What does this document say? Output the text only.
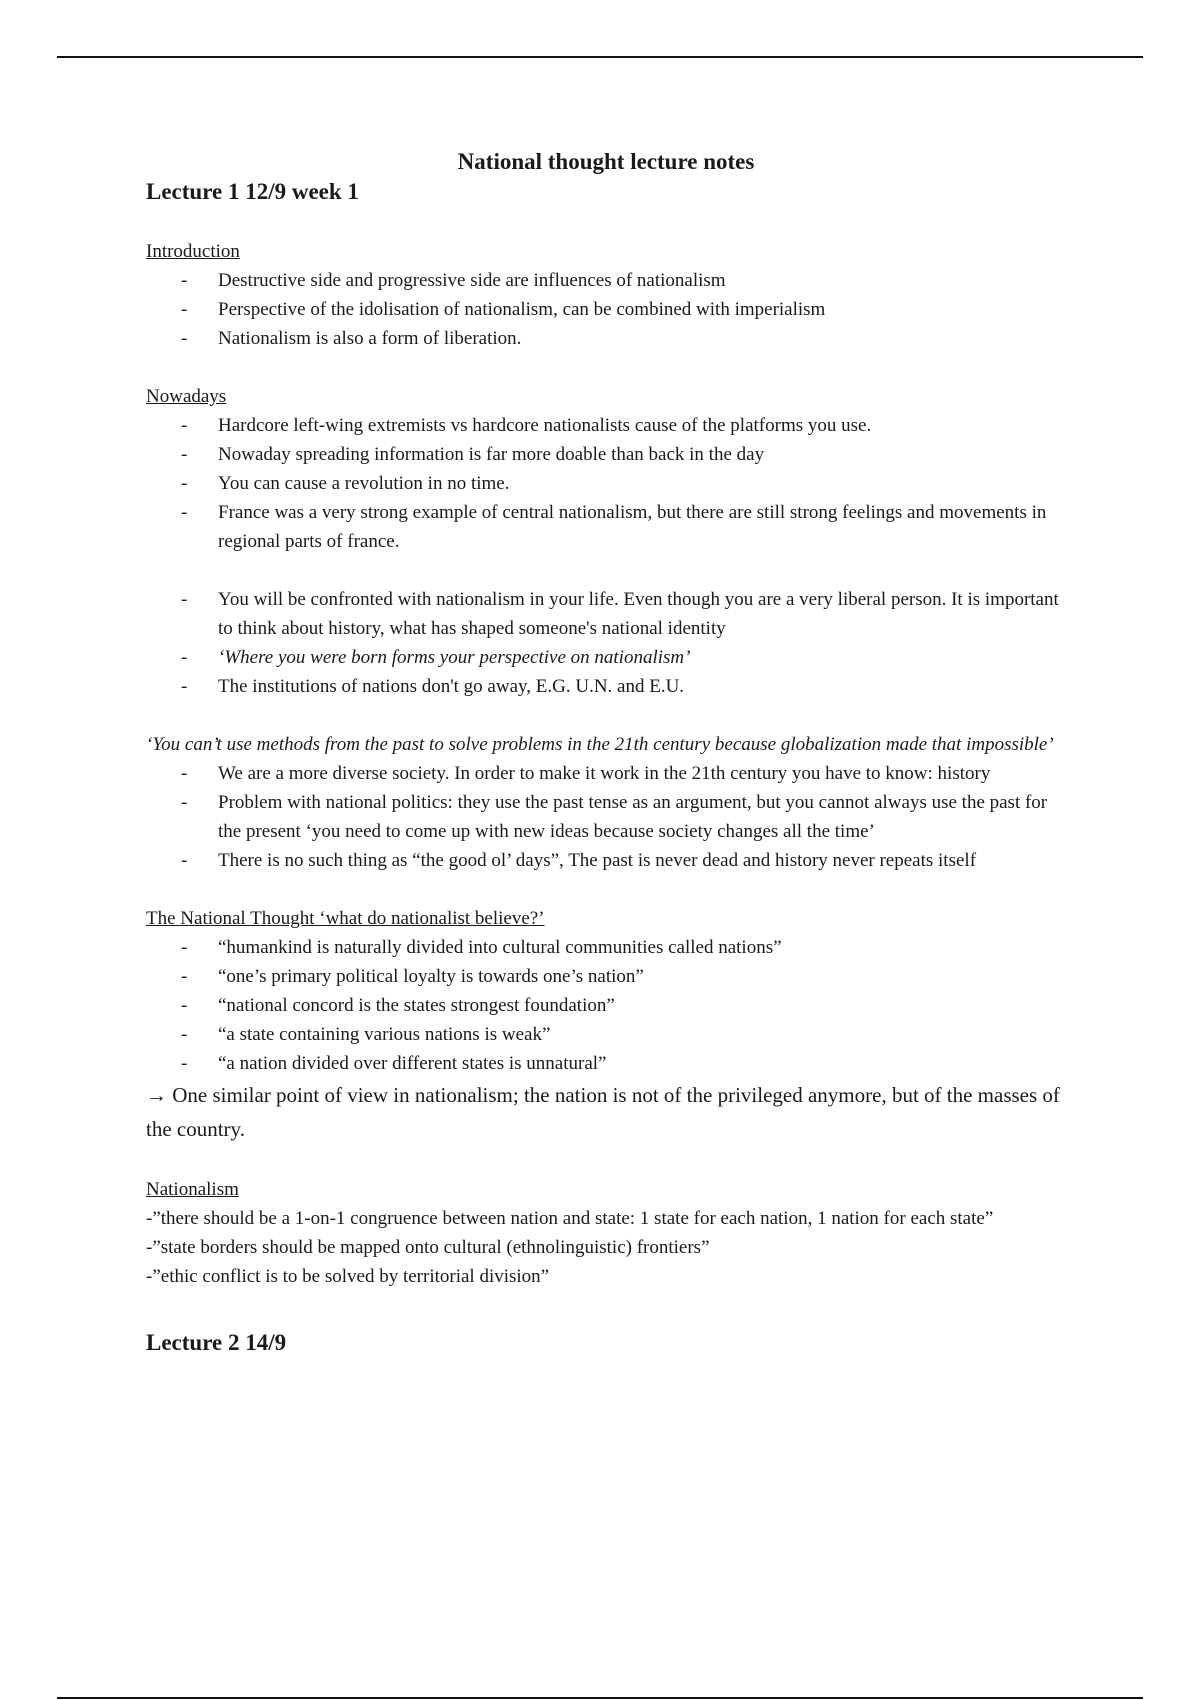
National thought lecture notes
Lecture 1 12/9 week 1

Introduction

- Destructive side and progressive side are influences of nationalism
- Perspective of the idolisation of nationalism, can be combined with imperialism
- Nationalism is also a form of liberation.

Nowadays

- Hardcore left-wing extremists vs hardcore nationalists cause of the platforms you use.
- Nowaday spreading information is far more doable than back in the day
- You can cause a revolution in no time.
- France was a very strong example of central nationalism, but there are still strong feelings and movements in regional parts of france.
- You will be confronted with nationalism in your life. Even though you are a very liberal person. It is important to think about history, what has shaped someone's national identity
- ‘Where you were born forms your perspective on nationalism’
- The institutions of nations don't go away, E.G. U.N. and E.U.

‘You can’t use methods from the past to solve problems in the 21th century because globalization made that impossible’

- We are a more diverse society. In order to make it work in the 21th century you have to know: history
- Problem with national politics: they use the past tense as an argument, but you cannot always use the past for the present ‘you need to come up with new ideas because society changes all the time’
- There is no such thing as “the good ol’ days”, The past is never dead and history never repeats itself

The National Thought ‘what do nationalist believe?’

- “humankind is naturally divided into cultural communities called nations”
- “one’s primary political loyalty is towards one’s nation”
- “national concord is the states strongest foundation”
- “a state containing various nations is weak”
- “a nation divided over different states is unnatural”

→ One similar point of view in nationalism; the nation is not of the privileged anymore, but of the masses of the country.

Nationalism

-”there should be a 1-on-1 congruence between nation and state: 1 state for each nation, 1 nation for each state”

-”state borders should be mapped onto cultural (ethnolinguistic) frontiers”

-”ethic conflict is to be solved by territorial division”

Lecture 2 14/9
